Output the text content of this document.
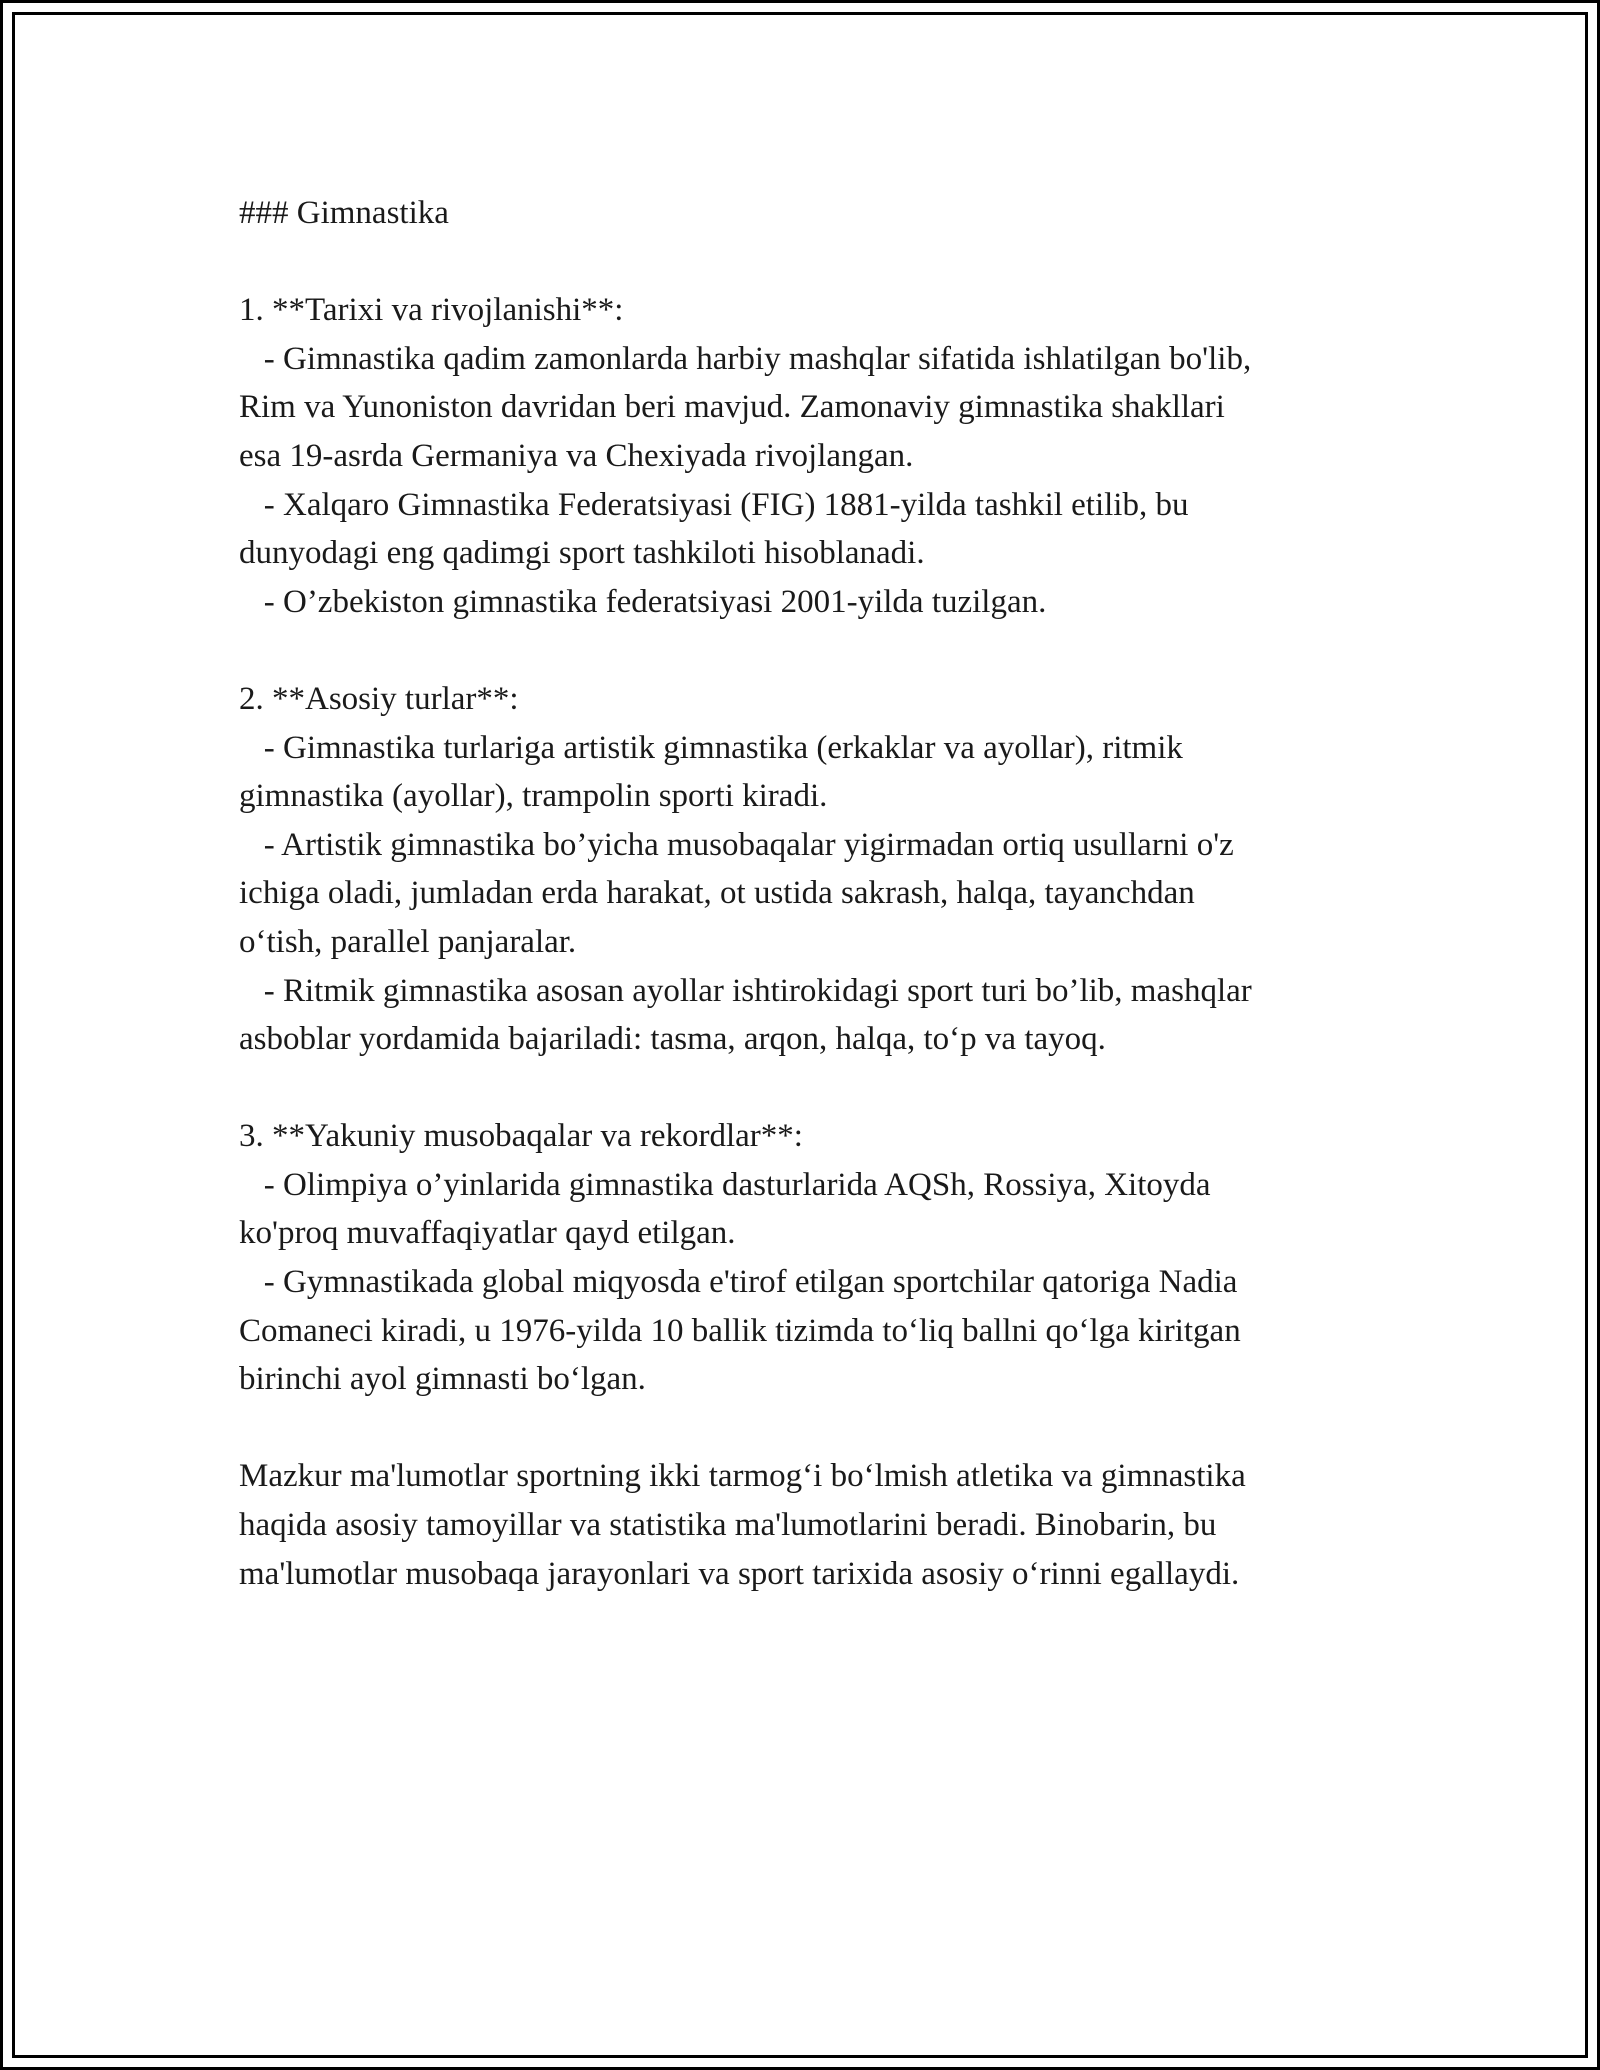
### Gimnastika
1. **Tarixi va rivojlanishi**:
- Gimnastika qadim zamonlarda harbiy mashqlar sifatida ishlatilgan bo'lib,
Rim va Yunoniston davridan beri mavjud. Zamonaviy gimnastika shakllari
esa 19-asrda Germaniya va Chexiyada rivojlangan.
- Xalqaro Gimnastika Federatsiyasi (FIG) 1881-yilda tashkil etilib, bu
dunyodagi eng qadimgi sport tashkiloti hisoblanadi.
- O’zbekiston gimnastika federatsiyasi 2001-yilda tuzilgan.
2. **Asosiy turlar**:
- Gimnastika turlariga artistik gimnastika (erkaklar va ayollar), ritmik
gimnastika (ayollar), trampolin sporti kiradi.
- Artistik gimnastika bo’yicha musobaqalar yigirmadan ortiq usullarni o'z
ichiga oladi, jumladan erda harakat, ot ustida sakrash, halqa, tayanchdan
o‘tish, parallel panjaralar.
- Ritmik gimnastika asosan ayollar ishtirokidagi sport turi bo’lib, mashqlar
asboblar yordamida bajariladi: tasma, arqon, halqa, to‘p va tayoq.
3. **Yakuniy musobaqalar va rekordlar**:
- Olimpiya o’yinlarida gimnastika dasturlarida AQSh, Rossiya, Xitoyda
ko'proq muvaffaqiyatlar qayd etilgan.
- Gymnastikada global miqyosda e'tirof etilgan sportchilar qatoriga Nadia
Comaneci kiradi, u 1976-yilda 10 ballik tizimda to‘liq ballni qo‘lga kiritgan
birinchi ayol gimnasti bo‘lgan.
Mazkur ma'lumotlar sportning ikki tarmog‘i bo‘lmish atletika va gimnastika
haqida asosiy tamoyillar va statistika ma'lumotlarini beradi. Binobarin, bu
ma'lumotlar musobaqa jarayonlari va sport tarixida asosiy o‘rinni egallaydi.
